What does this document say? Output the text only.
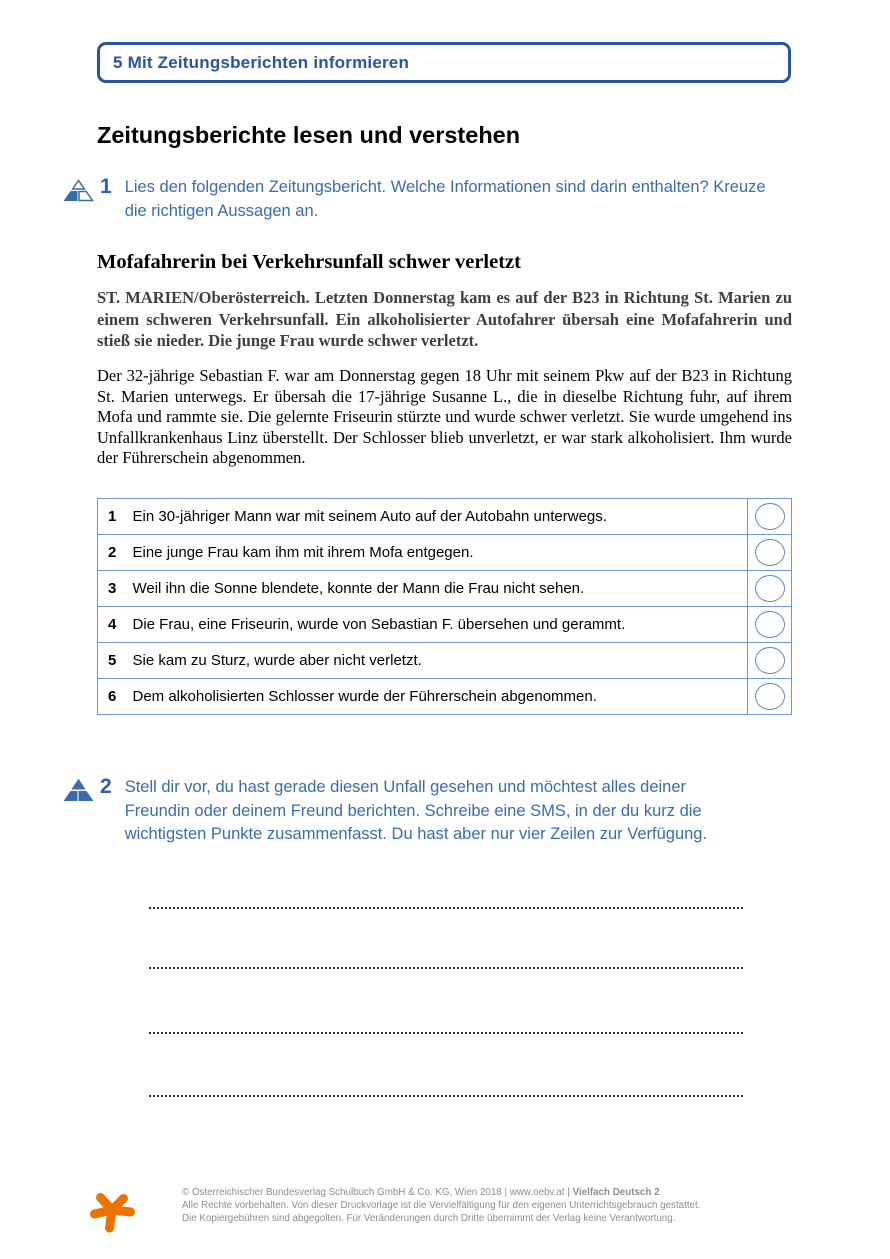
5 Mit Zeitungsberichten informieren
Zeitungsberichte lesen und verstehen
1 Lies den folgenden Zeitungsbericht. Welche Informationen sind darin enthalten? Kreuze die richtigen Aussagen an.
Mofafahrerin bei Verkehrsunfall schwer verletzt
ST. MARIEN/Oberösterreich. Letzten Donnerstag kam es auf der B23 in Richtung St. Marien zu einem schweren Verkehrsunfall. Ein alkoholisierter Autofahrer übersah eine Mofafahrerin und stieß sie nieder. Die junge Frau wurde schwer verletzt.
Der 32-jährige Sebastian F. war am Donnerstag gegen 18 Uhr mit seinem Pkw auf der B23 in Richtung St. Marien unterwegs. Er übersah die 17-jährige Susanne L., die in dieselbe Richtung fuhr, auf ihrem Mofa und rammte sie. Die gelernte Friseurin stürzte und wurde schwer verletzt. Sie wurde umgehend ins Unfallkrankenhaus Linz überstellt. Der Schlosser blieb unverletzt, er war stark alkoholisiert. Ihm wurde der Führerschein abgenommen.
1	Ein 30-jähriger Mann war mit seinem Auto auf der Autobahn unterwegs.	

2	Eine junge Frau kam ihm mit ihrem Mofa entgegen.	

3	Weil ihn die Sonne blendete, konnte der Mann die Frau nicht sehen.	

4	Die Frau, eine Friseurin, wurde von Sebastian F. übersehen und gerammt.	

5	Sie kam zu Sturz, wurde aber nicht verletzt.	

6	Dem alkoholisierten Schlosser wurde der Führerschein abgenommen.	
2 Stell dir vor, du hast gerade diesen Unfall gesehen und möchtest alles deiner Freundin oder deinem Freund berichten. Schreibe eine SMS, in der du kurz die wichtigsten Punkte zusammenfasst. Du hast aber nur vier Zeilen zur Verfügung.
© Österreichischer Bundesverlag Schulbuch GmbH & Co. KG, Wien 2018 | www.oebv.at | Vielfach Deutsch 2
Alle Rechte vorbehalten. Von dieser Druckvorlage ist die Vervielfältigung für den eigenen Unterrichtsgebrauch gestattet.
Die Kopiergebühren sind abgegolten. Für Veränderungen durch Dritte übernimmt der Verlag keine Verantwortung.
